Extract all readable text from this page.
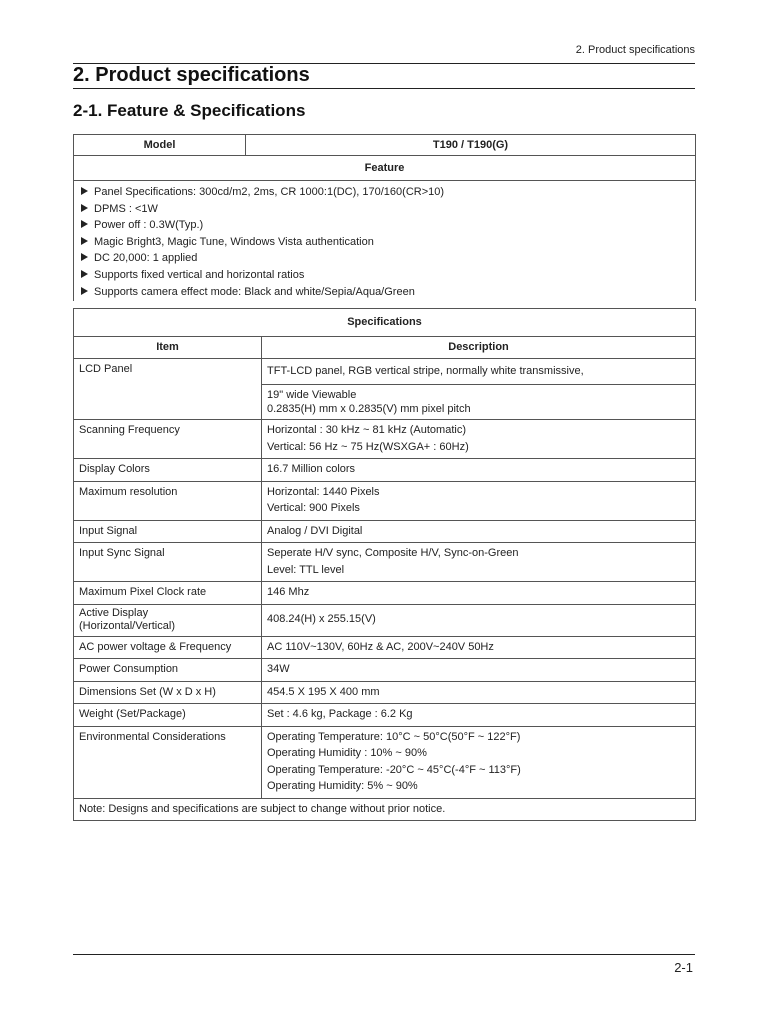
2. Product specifications
2. Product specifications
2-1. Feature & Specifications
Model	T190 / T190(G)
Feature

Panel Specifications: 300cd/m2, 2ms, CR 1000:1(DC), 170/160(CR>10)
DPMS : <1W
Power off : 0.3W(Typ.)
Magic Bright3, Magic Tune, Windows Vista authentication
DC 20,000: 1 applied
Supports fixed vertical and horizontal ratios
Supports camera effect mode: Black and white/Sepia/Aqua/Green
Specifications	
Item	Description
LCD Panel	TFT-LCD panel, RGB vertical stripe, normally white transmissive,
19" wide Viewable
0.2835(H) mm x 0.2835(V) mm pixel pitch

Scanning Frequency	Horizontal : 30 kHz ~ 81 kHz (Automatic)
Vertical: 56 Hz ~ 75 Hz(WSXGA+ : 60Hz)

Display Colors	16.7 Million colors
Maximum resolution	Horizontal: 1440 Pixels
Vertical: 900 Pixels

Input Signal	Analog / DVI Digital
Input Sync Signal	Seperate H/V sync, Composite H/V, Sync-on-Green
Level: TTL level

Maximum Pixel Clock rate	146 Mhz

Active Display
(Horizontal/Vertical)	408.24(H) x 255.15(V)
AC power voltage & Frequency	AC 110V~130V, 60Hz & AC, 200V~240V 50Hz
Power Consumption	34W
Dimensions Set (W x D x H)	454.5 X 195 X 400 mm
Weight (Set/Package)	Set : 4.6 kg, Package : 6.2 Kg
Environmental Considerations	Operating Temperature: 10°C ~ 50°C(50°F ~ 122°F)
Operating Humidity : 10% ~ 90%
Operating Temperature: -20°C ~ 45°C(-4°F ~ 113°F)
Operating Humidity: 5% ~ 90%

Note: Designs and specifications are subject to change without prior notice.	
2-1
